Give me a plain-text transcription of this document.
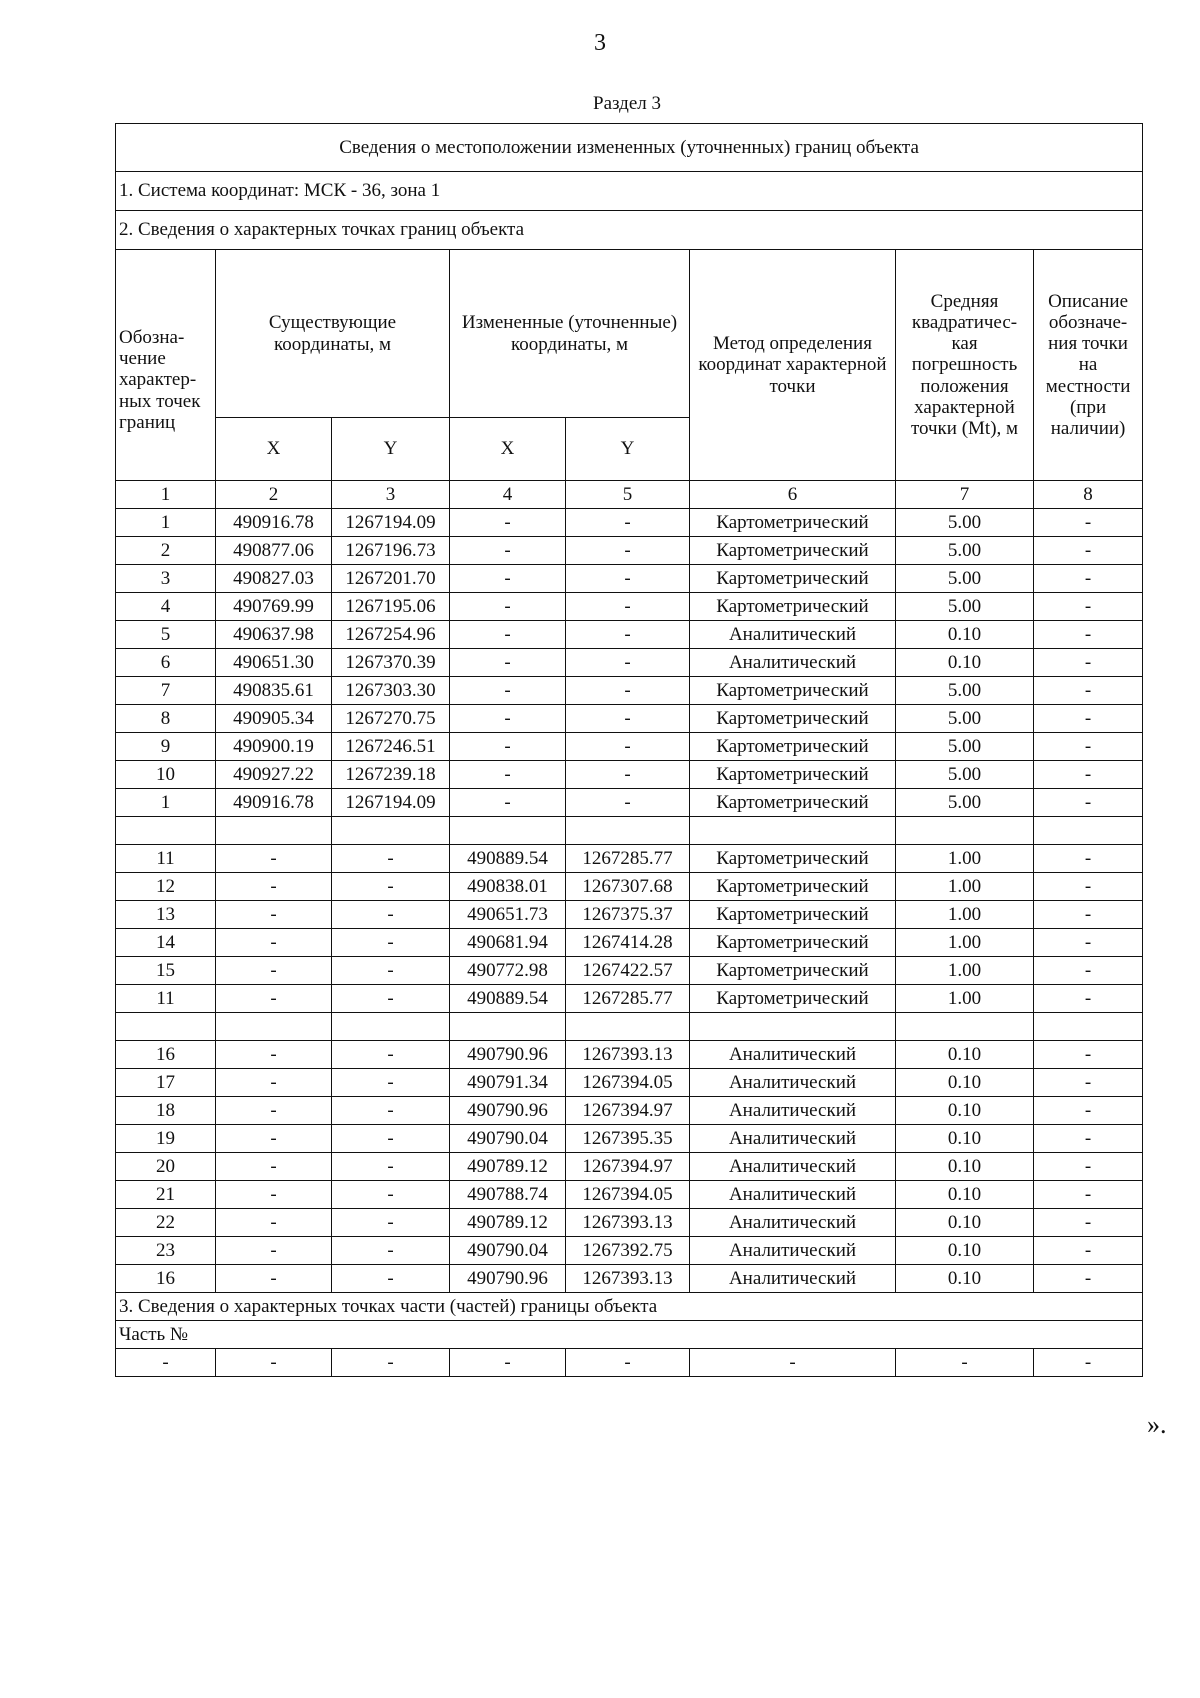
3
Раздел 3
Сведения о местоположении измененных (уточненных) границ объекта							
1. Система координат: МСК - 36, зона 1							
2. Сведения о характерных точках границ объекта							
Обозна-чение характер-ных точек границ	Существующие координаты, м		Измененные (уточненные) координаты, м		Метод определения координат характерной точки	Средняя квадратичес-кая погрешность положения характерной точки (Mt), м	Описание обозначе-ния точки на местности (при наличии)
	X	Y	X	Y			
1	2	3	4	5	6	7	8
1	490916.78	1267194.09	-	-	Картометрический	5.00	-
2	490877.06	1267196.73	-	-	Картометрический	5.00	-
3	490827.03	1267201.70	-	-	Картометрический	5.00	-
4	490769.99	1267195.06	-	-	Картометрический	5.00	-
5	490637.98	1267254.96	-	-	Аналитический	0.10	-
6	490651.30	1267370.39	-	-	Аналитический	0.10	-
7	490835.61	1267303.30	-	-	Картометрический	5.00	-
8	490905.34	1267270.75	-	-	Картометрический	5.00	-
9	490900.19	1267246.51	-	-	Картометрический	5.00	-
10	490927.22	1267239.18	-	-	Картометрический	5.00	-
1	490916.78	1267194.09	-	-	Картометрический	5.00	-

11	-	-	490889.54	1267285.77	Картометрический	1.00	-
12	-	-	490838.01	1267307.68	Картометрический	1.00	-
13	-	-	490651.73	1267375.37	Картометрический	1.00	-
14	-	-	490681.94	1267414.28	Картометрический	1.00	-
15	-	-	490772.98	1267422.57	Картометрический	1.00	-
11	-	-	490889.54	1267285.77	Картометрический	1.00	-

16	-	-	490790.96	1267393.13	Аналитический	0.10	-
17	-	-	490791.34	1267394.05	Аналитический	0.10	-
18	-	-	490790.96	1267394.97	Аналитический	0.10	-
19	-	-	490790.04	1267395.35	Аналитический	0.10	-
20	-	-	490789.12	1267394.97	Аналитический	0.10	-
21	-	-	490788.74	1267394.05	Аналитический	0.10	-
22	-	-	490789.12	1267393.13	Аналитический	0.10	-
23	-	-	490790.04	1267392.75	Аналитический	0.10	-
16	-	-	490790.96	1267393.13	Аналитический	0.10	-
3. Сведения о характерных точках части (частей) границы объекта							
Часть №							
-	-	-	-	-	-	-	-
».
